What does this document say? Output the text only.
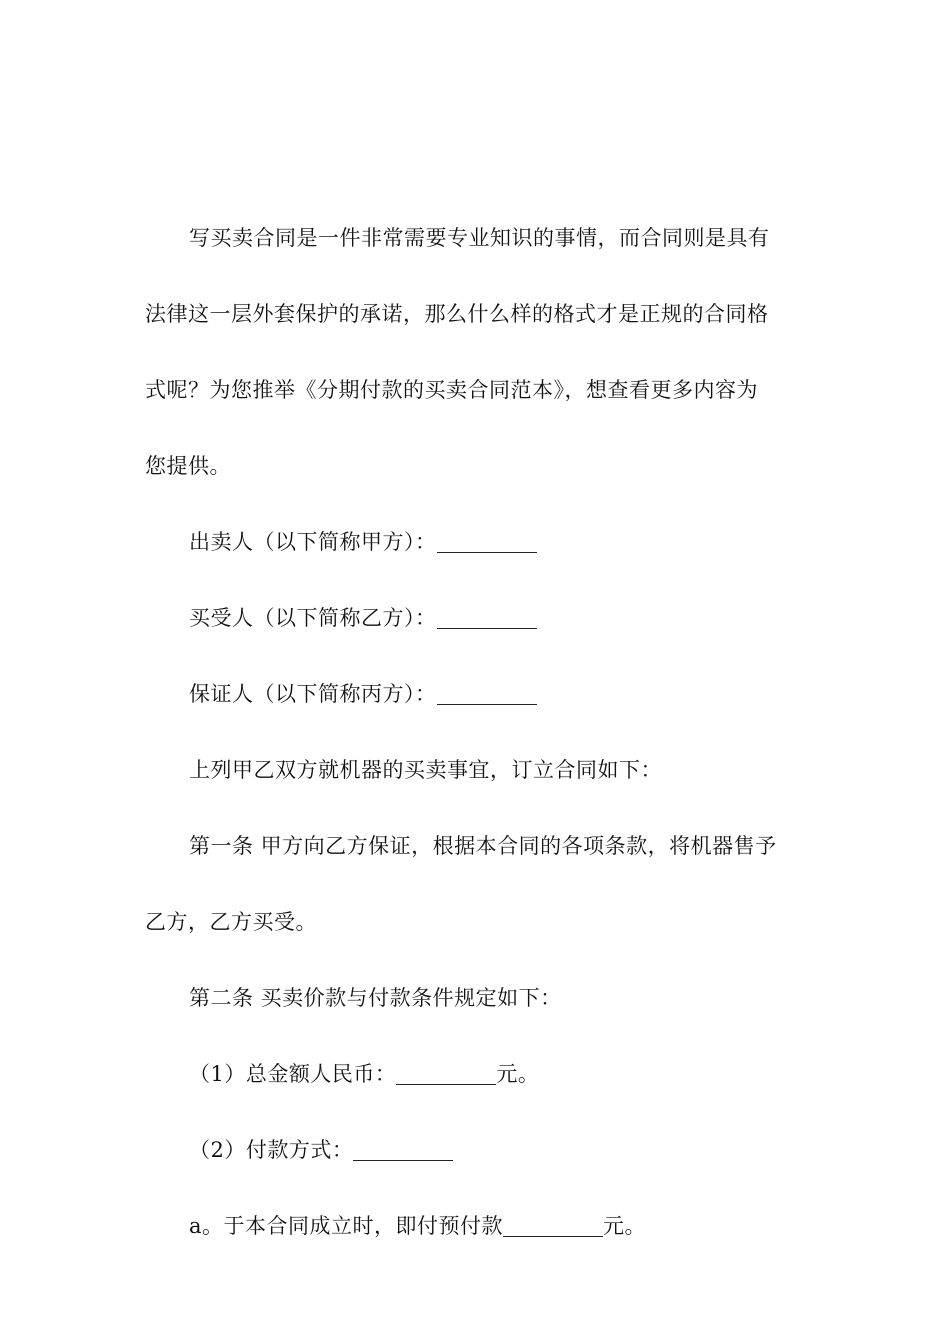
写买卖合同是一件非常需要专业知识的事情，而合同则是具有
法律这一层外套保护的承诺，那么什么样的格式才是正规的合同格
式呢？为您推举《分期付款的买卖合同范本》，想查看更多内容为
您提供。
出卖人（以下简称甲方）：
买受人（以下简称乙方）：
保证人（以下简称丙方）：
上列甲乙双方就机器的买卖事宜，订立合同如下：
第一条 甲方向乙方保证，根据本合同的各项条款，将机器售予
乙方，乙方买受。
第二条 买卖价款与付款条件规定如下：
（1）总金额人民币：	元。
（2）付款方式：
a。于本合同成立时，即付预付款	元。
